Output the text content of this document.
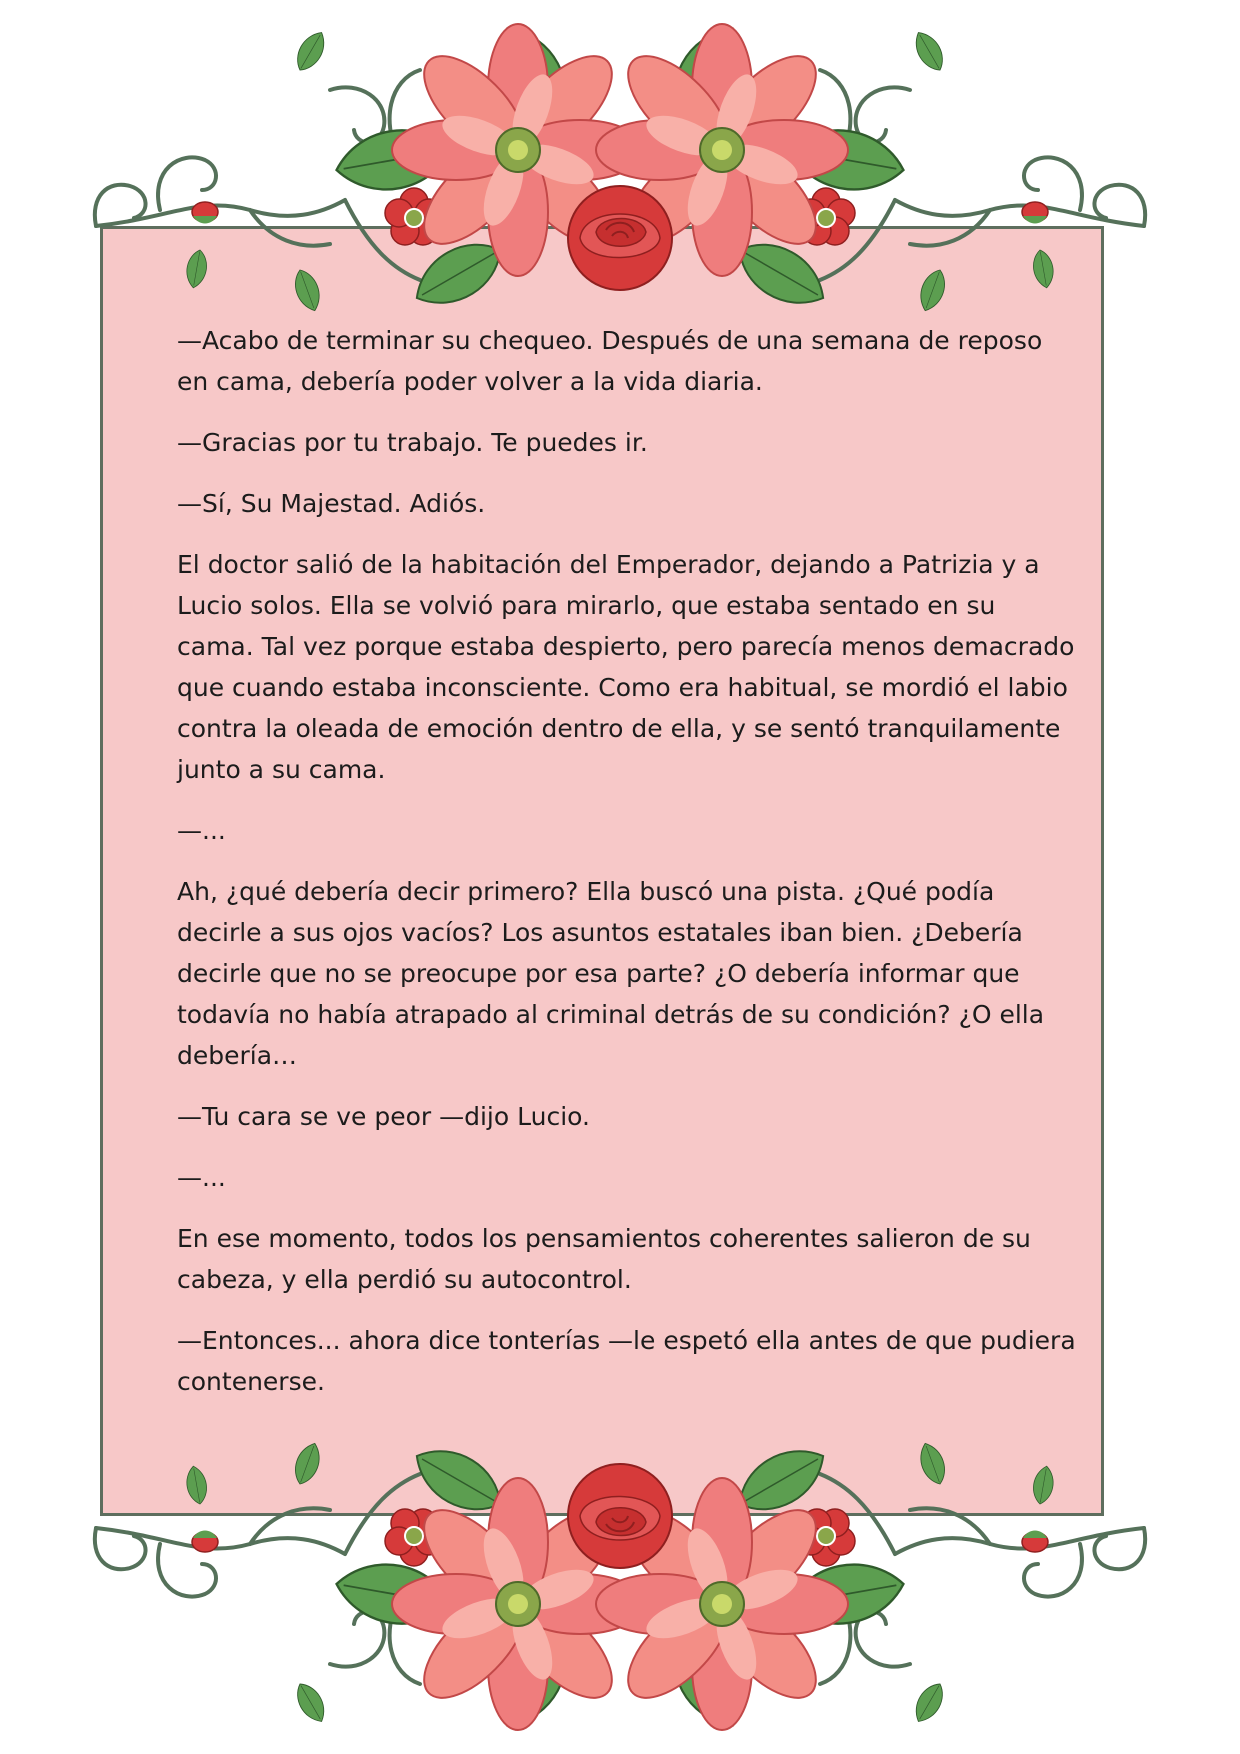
—Acabo de terminar su chequeo. Después de una semana de reposo en cama, debería poder volver a la vida diaria.

—Gracias por tu trabajo. Te puedes ir.

—Sí, Su Majestad. Adiós.

El doctor salió de la habitación del Emperador, dejando a Patrizia y a Lucio solos. Ella se volvió para mirarlo, que estaba sentado en su cama. Tal vez porque estaba despierto, pero parecía menos demacrado que cuando estaba inconsciente. Como era habitual, se mordió el labio contra la oleada de emoción dentro de ella, y se sentó tranquilamente junto a su cama.

—...

Ah, ¿qué debería decir primero? Ella buscó una pista. ¿Qué podía decirle a sus ojos vacíos? Los asuntos estatales iban bien. ¿Debería decirle que no se preocupe por esa parte? ¿O debería informar que todavía no había atrapado al criminal detrás de su condición? ¿O ella debería…

—Tu cara se ve peor —dijo Lucio.

—...

En ese momento, todos los pensamientos coherentes salieron de su cabeza, y ella perdió su autocontrol.

—Entonces... ahora dice tonterías —le espetó ella antes de que pudiera contenerse.
